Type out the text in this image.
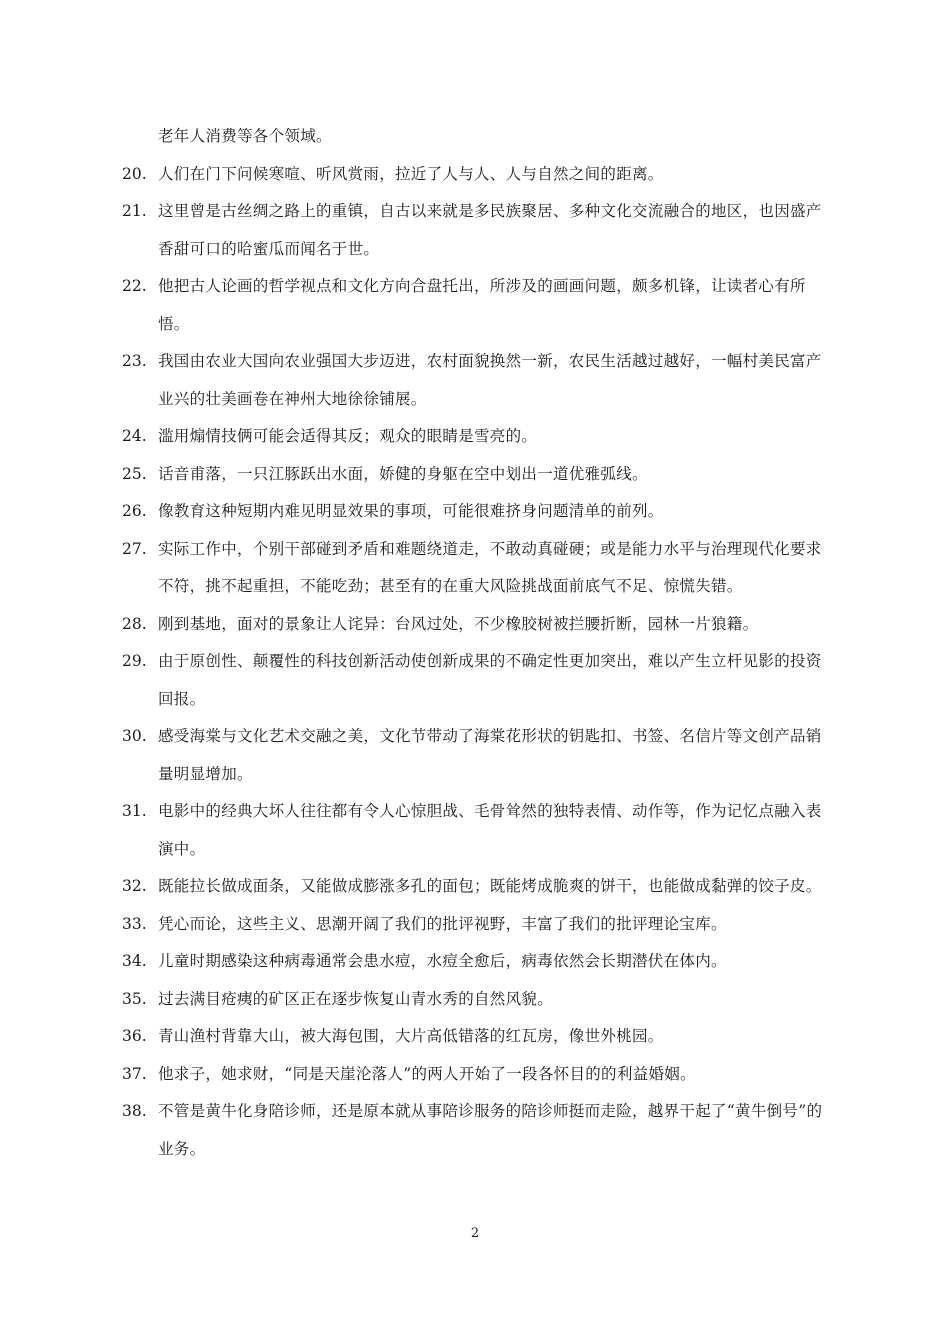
老年人消费等各个领域。
20. 人们在门下问候寒喧、听风赏雨，拉近了人与人、人与自然之间的距离。
21. 这里曾是古丝绸之路上的重镇，自古以来就是多民族聚居、多种文化交流融合的地区，也因盛产香甜可口的哈蜜瓜而闻名于世。
22. 他把古人论画的哲学视点和文化方向合盘托出，所涉及的画画问题，颇多机锋，让读者心有所悟。
23. 我国由农业大国向农业强国大步迈进，农村面貌换然一新，农民生活越过越好，一幅村美民富产业兴的壮美画卷在神州大地徐徐铺展。
24. 滥用煽情技俩可能会适得其反；观众的眼睛是雪亮的。
25. 话音甫落，一只江豚跃出水面，娇健的身躯在空中划出一道优雅弧线。
26. 像教育这种短期内难见明显效果的事项，可能很难挤身问题清单的前列。
27. 实际工作中，个别干部碰到矛盾和难题绕道走，不敢动真碰硬；或是能力水平与治理现代化要求不符，挑不起重担，不能吃劲；甚至有的在重大风险挑战面前底气不足、惊慌失错。
28. 刚到基地，面对的景象让人诧异：台风过处，不少橡胶树被拦腰折断，园林一片狼籍。
29. 由于原创性、颠覆性的科技创新活动使创新成果的不确定性更加突出，难以产生立杆见影的投资回报。
30. 感受海棠与文化艺术交融之美，文化节带动了海棠花形状的钥匙扣、书签、名信片等文创产品销量明显增加。
31. 电影中的经典大坏人往往都有令人心惊胆战、毛骨耸然的独特表情、动作等，作为记忆点融入表演中。
32. 既能拉长做成面条，又能做成膨涨多孔的面包；既能烤成脆爽的饼干，也能做成黏弹的饺子皮。
33. 凭心而论，这些主义、思潮开阔了我们的批评视野，丰富了我们的批评理论宝库。
34. 儿童时期感染这种病毒通常会患水痘，水痘全愈后，病毒依然会长期潜伏在体内。
35. 过去满目疮痍的矿区正在逐步恢复山青水秀的自然风貌。
36. 青山渔村背靠大山，被大海包围，大片高低错落的红瓦房，像世外桃园。
37. 他求子，她求财，“同是天崖沦落人”的两人开始了一段各怀目的的利益婚姻。
38. 不管是黄牛化身陪诊师，还是原本就从事陪诊服务的陪诊师挺而走险，越界干起了“黄牛倒号”的业务。
2
